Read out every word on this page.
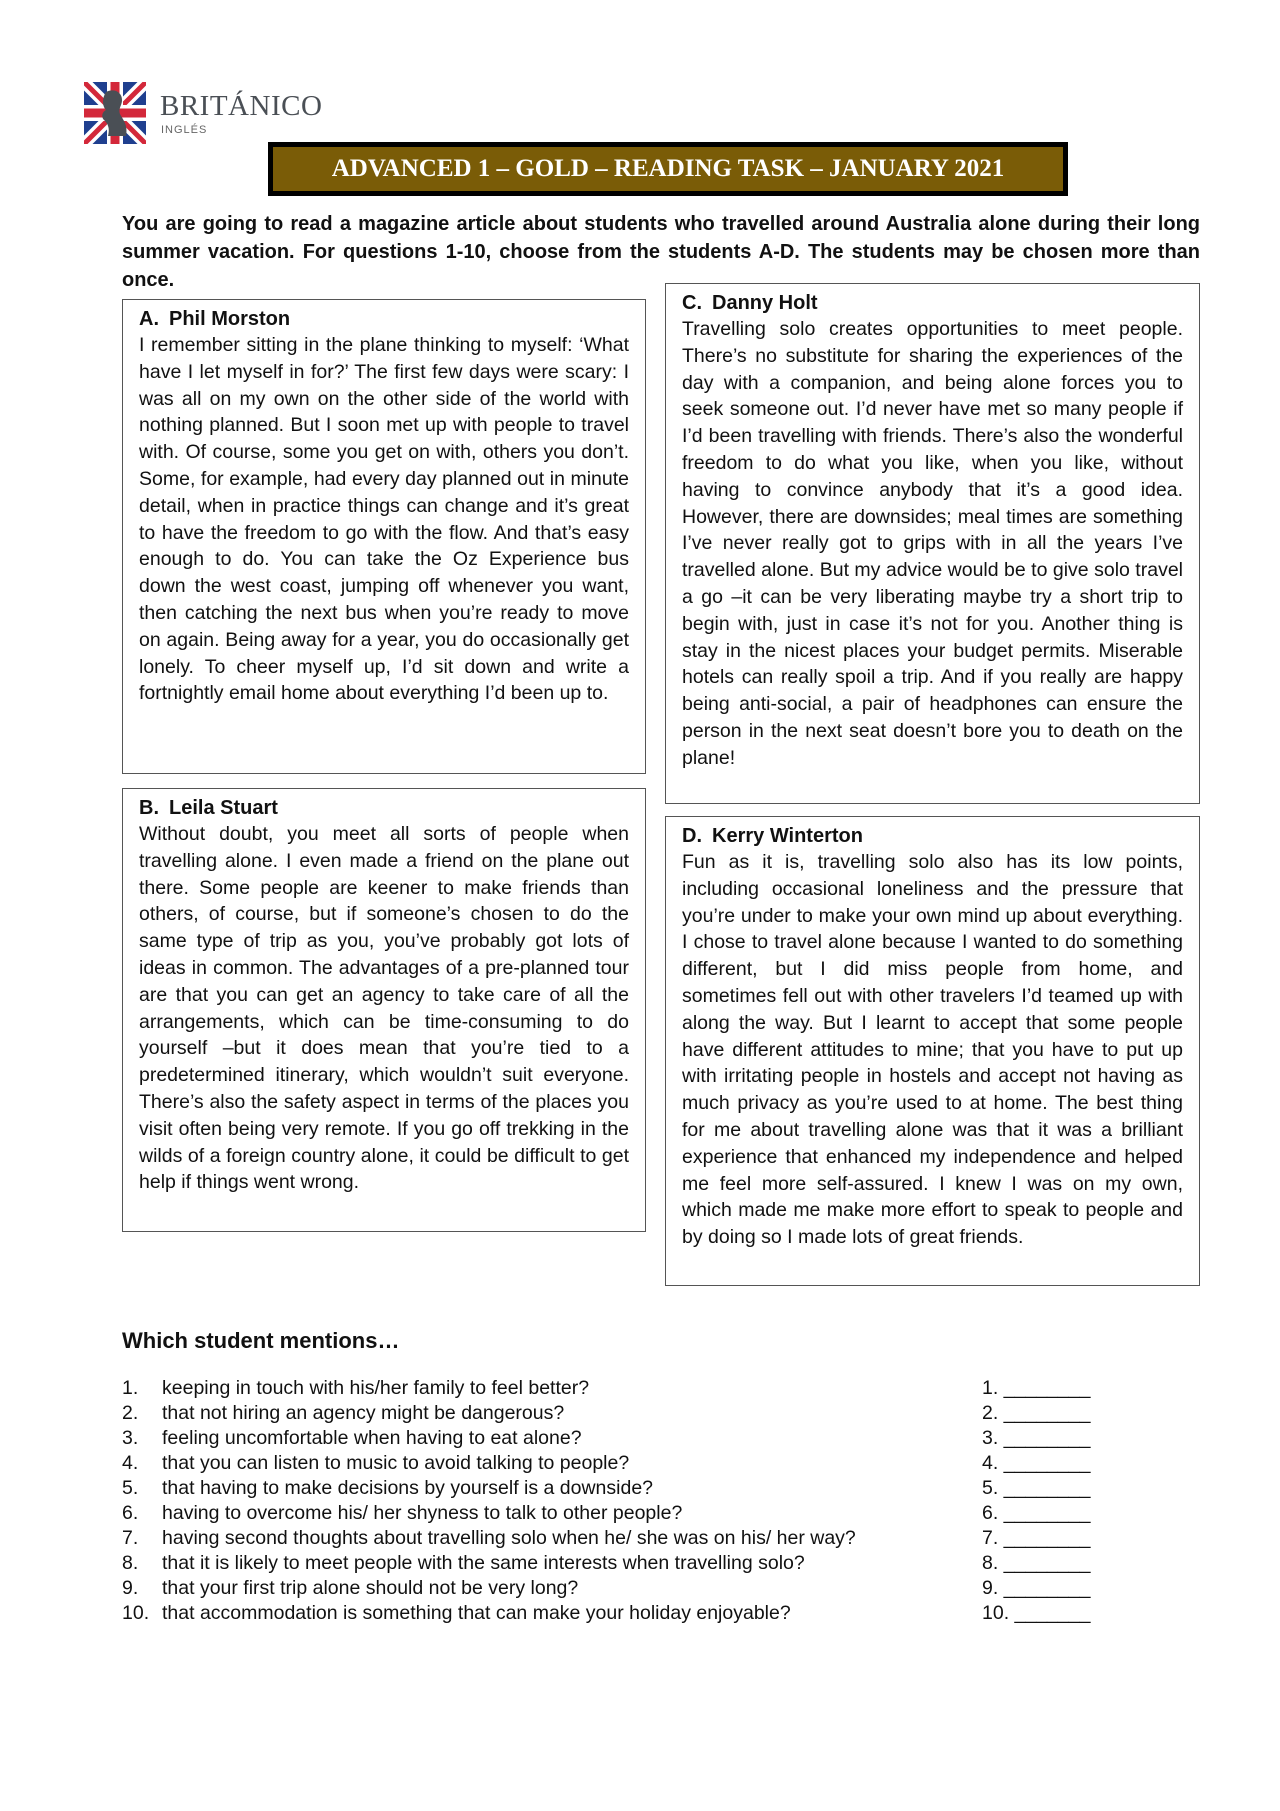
BRITÁNICO
INGLÉS
ADVANCED 1 – GOLD – READING TASK – JANUARY 2021
You are going to read a magazine article about students who travelled around Australia alone during their long summer vacation. For questions 1-10, choose from the students A-D. The students may be chosen more than once.
A. Phil Morston
I remember sitting in the plane thinking to myself: ‘What have I let myself in for?’ The first few days were scary: I was all on my own on the other side of the world with nothing planned. But I soon met up with people to travel with. Of course, some you get on with, others you don’t. Some, for example, had every day planned out in minute detail, when in practice things can change and it’s great to have the freedom to go with the flow. And that’s easy enough to do. You can take the Oz Experience bus down the west coast, jumping off whenever you want, then catching the next bus when you’re ready to move on again. Being away for a year, you do occasionally get lonely. To cheer myself up, I’d sit down and write a fortnightly email home about everything I’d been up to.
B. Leila Stuart
Without doubt, you meet all sorts of people when travelling alone. I even made a friend on the plane out there. Some people are keener to make friends than others, of course, but if someone’s chosen to do the same type of trip as you, you’ve probably got lots of ideas in common. The advantages of a pre-planned tour are that you can get an agency to take care of all the arrangements, which can be time-consuming to do yourself –but it does mean that you’re tied to a predetermined itinerary, which wouldn’t suit everyone. There’s also the safety aspect in terms of the places you visit often being very remote. If you go off trekking in the wilds of a foreign country alone, it could be difficult to get help if things went wrong.
C. Danny Holt
Travelling solo creates opportunities to meet people. There’s no substitute for sharing the experiences of the day with a companion, and being alone forces you to seek someone out. I’d never have met so many people if I’d been travelling with friends. There’s also the wonderful freedom to do what you like, when you like, without having to convince anybody that it’s a good idea. However, there are downsides; meal times are something I’ve never really got to grips with in all the years I’ve travelled alone. But my advice would be to give solo travel a go –it can be very liberating maybe try a short trip to begin with, just in case it’s not for you. Another thing is stay in the nicest places your budget permits. Miserable hotels can really spoil a trip. And if you really are happy being anti-social, a pair of headphones can ensure the person in the next seat doesn’t bore you to death on the plane!
D. Kerry Winterton
Fun as it is, travelling solo also has its low points, including occasional loneliness and the pressure that you’re under to make your own mind up about everything. I chose to travel alone because I wanted to do something different, but I did miss people from home, and sometimes fell out with other travelers I’d teamed up with along the way. But I learnt to accept that some people have different attitudes to mine; that you have to put up with irritating people in hostels and accept not having as much privacy as you’re used to at home. The best thing for me about travelling alone was that it was a brilliant experience that enhanced my independence and helped me feel more self-assured. I knew I was on my own, which made me make more effort to speak to people and by doing so I made lots of great friends.
Which student mentions…
1. keeping in touch with his/her family to feel better?	1. ________
2. that not hiring an agency might be dangerous?	2. ________
3. feeling uncomfortable when having to eat alone?	3. ________
4. that you can listen to music to avoid talking to people?	4. ________
5. that having to make decisions by yourself is a downside?	5. ________
6. having to overcome his/ her shyness to talk to other people?	6. ________
7. having second thoughts about travelling solo when he/ she was on his/ her way?	7. ________
8. that it is likely to meet people with the same interests when travelling solo?	8. ________
9. that your first trip alone should not be very long?	9. ________
10. that accommodation is something that can make your holiday enjoyable?	10. _______
